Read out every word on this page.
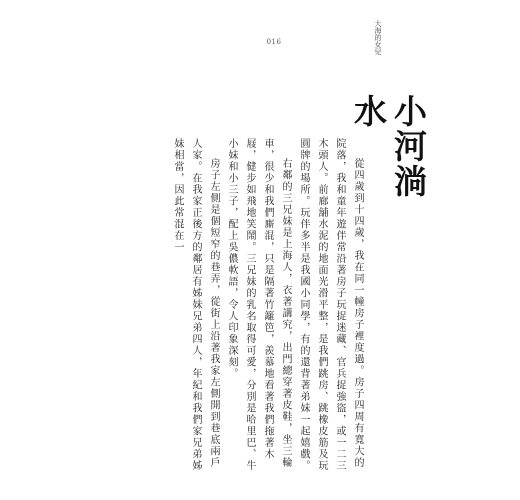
016	大海的女兒
小河淌水

從四歲到十四歲，我在同一幢房子裡度過。房子四周有寬大的院落，我和童年遊伴常沿著房子玩捉迷藏、官兵捉強盜，或一二三木頭人。前廊舖水泥的地面光滑平整，是我們跳房、跳橡皮筋及玩圓牌的場所。玩伴多半是我國小同學，有的還背著弟妹一起嬉戲。

右鄰的三兄妹是上海人，衣著講究，出門總穿著皮鞋，坐三輪車，很少和我們廝混，只是隔著竹籬笆，羨慕地看著我們拖著木屐，健步如飛地笑鬧。三兄妹的乳名取得可愛，分別是哈里巴、牛小妹和小三子，配上吳儂軟語，令人印象深刻。

房子左側是個短窄的巷弄，從街上沿著我家左側開到巷底兩戶人家。在我家正後方的鄰居有姊妹兄弟四人，年紀和我們家兄弟姊妹相當，因此常混在一
